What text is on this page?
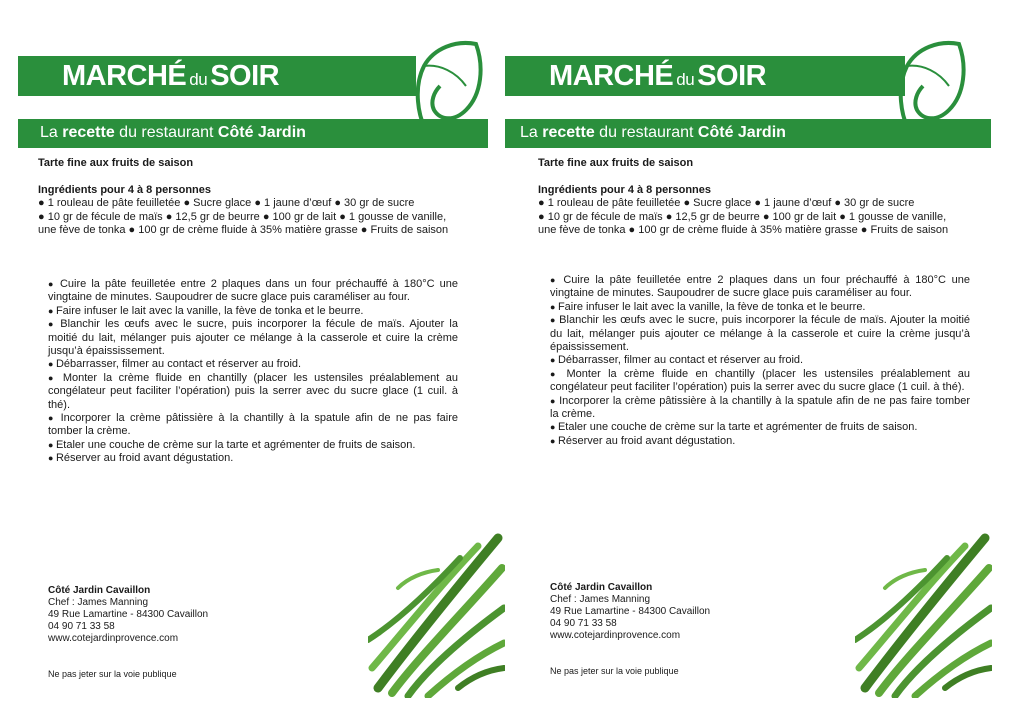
MARCHÉ du SOIR
La recette du restaurant Côté Jardin
Tarte fine aux fruits de saison
Ingrédients pour 4 à 8 personnes
● 1 rouleau de pâte feuilletée ● Sucre glace ● 1 jaune d’œuf ● 30 gr de sucre
● 10 gr de fécule de maïs ● 12,5 gr de beurre ● 100 gr de lait ● 1 gousse de vanille,
une fève de tonka ● 100 gr de crème fluide à 35% matière grasse ● Fruits de saison
● Cuire la pâte feuilletée entre 2 plaques dans un four préchauffé à 180°C une vingtaine de minutes. Saupoudrer de sucre glace puis caraméliser au four.
● Faire infuser le lait avec la vanille, la fève de tonka et le beurre.
● Blanchir les œufs avec le sucre, puis incorporer la fécule de maïs. Ajouter la moitié du lait, mélanger puis ajouter ce mélange à la casserole et cuire la crème jusqu’à épaississement.
● Débarrasser, filmer au contact et réserver au froid.
● Monter la crème fluide en chantilly (placer les ustensiles préalablement au congélateur peut faciliter l’opération) puis la serrer avec du sucre glace (1 cuil. à thé).
● Incorporer la crème pâtissière à la chantilly à la spatule afin de ne pas faire tomber la crème.
● Etaler une couche de crème sur la tarte et agrémenter de fruits de saison.
● Réserver au froid avant dégustation.
Côté Jardin Cavaillon
Chef : James Manning
49 Rue Lamartine - 84300 Cavaillon
04 90 71 33 58
www.cotejardinprovence.com
Ne pas jeter sur la voie publique
MARCHÉ du SOIR
La recette du restaurant Côté Jardin
Tarte fine aux fruits de saison
Ingrédients pour 4 à 8 personnes
● 1 rouleau de pâte feuilletée ● Sucre glace ● 1 jaune d’œuf ● 30 gr de sucre
● 10 gr de fécule de maïs ● 12,5 gr de beurre ● 100 gr de lait ● 1 gousse de vanille,
une fève de tonka ● 100 gr de crème fluide à 35% matière grasse ● Fruits de saison
● Cuire la pâte feuilletée entre 2 plaques dans un four préchauffé à 180°C une vingtaine de minutes. Saupoudrer de sucre glace puis caraméliser au four.
● Faire infuser le lait avec la vanille, la fève de tonka et le beurre.
● Blanchir les œufs avec le sucre, puis incorporer la fécule de maïs. Ajouter la moitié du lait, mélanger puis ajouter ce mélange à la casserole et cuire la crème jusqu’à épaississement.
● Débarrasser, filmer au contact et réserver au froid.
● Monter la crème fluide en chantilly (placer les ustensiles préalablement au congélateur peut faciliter l’opération) puis la serrer avec du sucre glace (1 cuil. à thé).
● Incorporer la crème pâtissière à la chantilly à la spatule afin de ne pas faire tomber la crème.
● Etaler une couche de crème sur la tarte et agrémenter de fruits de saison.
● Réserver au froid avant dégustation.
Côté Jardin Cavaillon
Chef : James Manning
49 Rue Lamartine - 84300 Cavaillon
04 90 71 33 58
www.cotejardinprovence.com
Ne pas jeter sur la voie publique
